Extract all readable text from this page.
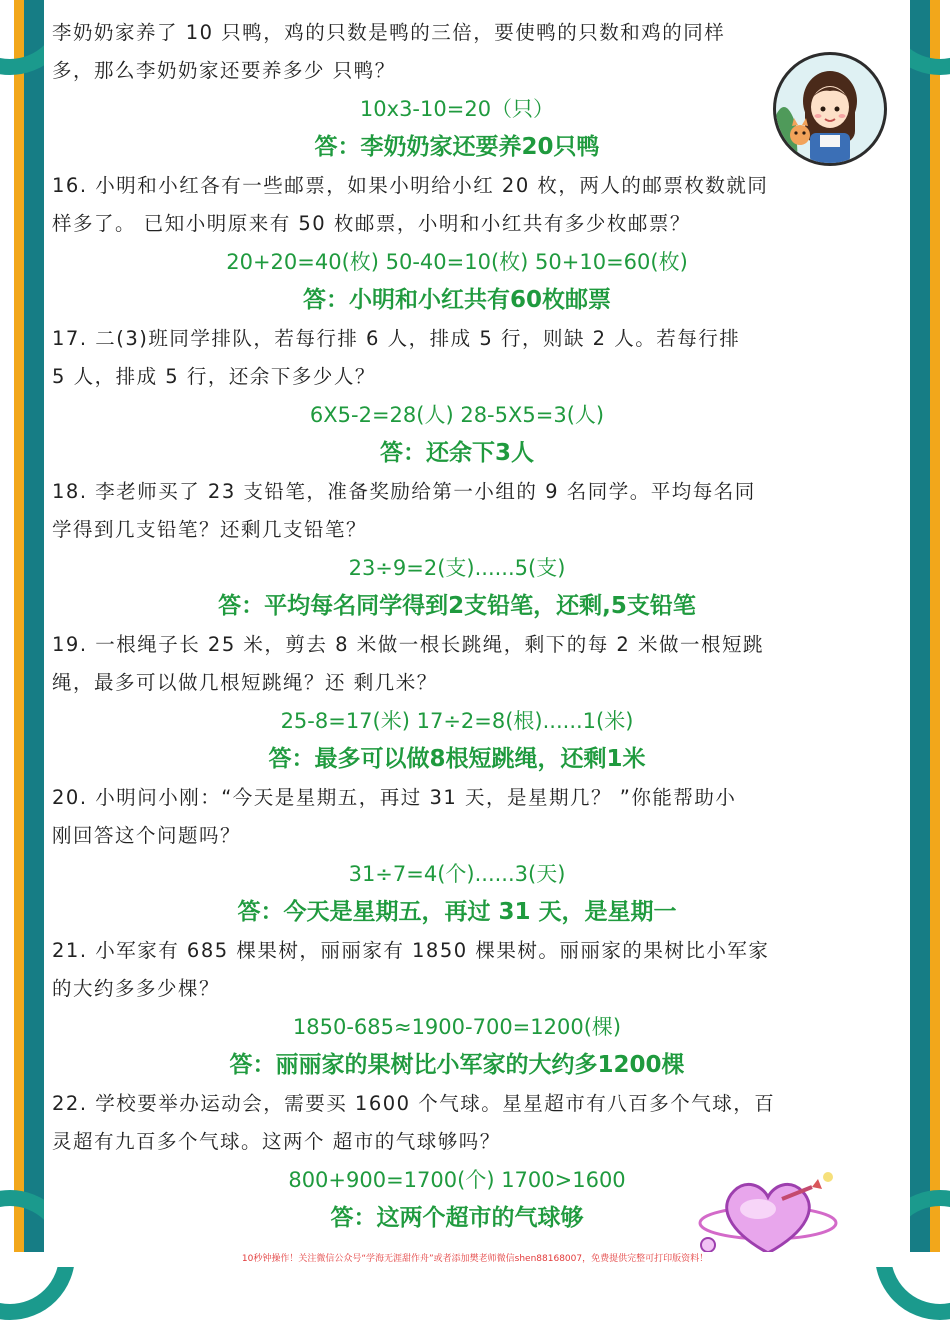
李奶奶家养了 10 只鸭，鸡的只数是鸭的三倍，要使鸭的只数和鸡的同样

多，那么李奶奶家还要养多少 只鸭？

10x3-10=20（只）

答：李奶奶家还要养20只鸭

16. 小明和小红各有一些邮票，如果小明给小红 20 枚，两人的邮票枚数就同

样多了。 已知小明原来有 50 枚邮票，小明和小红共有多少枚邮票？

20+20=40(枚) 50-40=10(枚) 50+10=60(枚)

答：小明和小红共有60枚邮票

17. 二(3)班同学排队，若每行排 6 人，排成 5 行，则缺 2 人。若每行排

5 人，排成 5 行，还余下多少人？

6X5-2=28(人) 28-5X5=3(人)

答：还余下3人

18. 李老师买了 23 支铅笔，准备奖励给第一小组的 9 名同学。平均每名同

学得到几支铅笔？还剩几支铅笔？

23÷9=2(支)......5(支)

答：平均每名同学得到2支铅笔，还剩,5支铅笔

19. 一根绳子长 25 米，剪去 8 米做一根长跳绳，剩下的每 2 米做一根短跳

绳，最多可以做几根短跳绳？还 剩几米？

25-8=17(米) 17÷2=8(根)......1(米)

答：最多可以做8根短跳绳，还剩1米

20. 小明问小刚：“今天是星期五，再过 31 天，是星期几？ ”你能帮助小

刚回答这个问题吗？

31÷7=4(个)......3(天)

答：今天是星期五，再过 31 天，是星期一

21. 小军家有 685 棵果树，丽丽家有 1850 棵果树。丽丽家的果树比小军家

的大约多多少棵？

1850-685≈1900-700=1200(棵)

答：丽丽家的果树比小军家的大约多1200棵

22. 学校要举办运动会，需要买 1600 个气球。星星超市有八百多个气球，百

灵超有九百多个气球。这两个 超市的气球够吗？

800+900=1700(个) 1700>1600

答：这两个超市的气球够

10秒钟操作！关注微信公众号“学海无涯甜作舟”或者添加樊老师微信shen88168007，免费提供完整可打印版资料！
